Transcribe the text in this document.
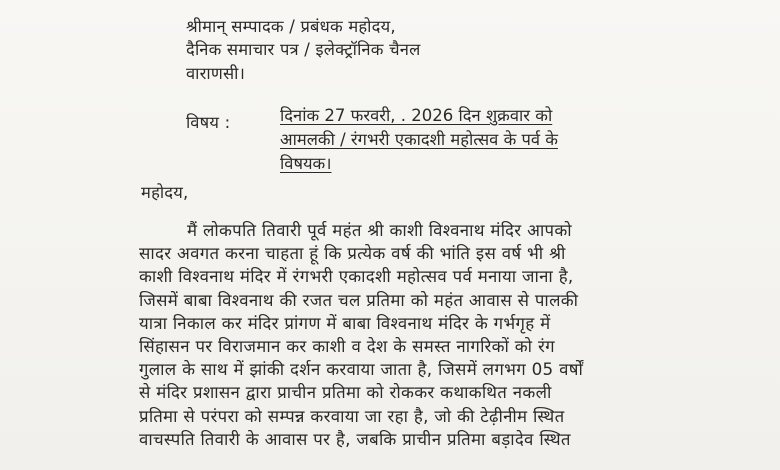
श्रीमान् सम्पादक / प्रबंधक महोदय,
दैनिक समाचार पत्र / इलेक्ट्रॉनिक चैनल
वाराणसी।
विषय :	दिनांक 27 फरवरी, . 2026 दिन शुक्रवार को
आमलकी / रंगभरी एकादशी महोत्सव के पर्व के
विषयक।
महोदय,
मैं लोकपति तिवारी पूर्व महंत श्री काशी विश्वनाथ मंदिर आपको
सादर अवगत करना चाहता हूं कि प्रत्येक वर्ष की भांति इस वर्ष भी श्री
काशी विश्वनाथ मंदिर में रंगभरी एकादशी महोत्सव पर्व मनाया जाना है,
जिसमें बाबा विश्वनाथ की रजत चल प्रतिमा को महंत आवास से पालकी
यात्रा निकाल कर मंदिर प्रांगण में बाबा विश्वनाथ मंदिर के गर्भगृह में
सिंहासन पर विराजमान कर काशी व देश के समस्त नागरिकों को रंग
गुलाल के साथ में झांकी दर्शन करवाया जाता है, जिसमें लगभग 05 वर्षों
से मंदिर प्रशासन द्वारा प्राचीन प्रतिमा को रोककर कथाकथित नकली
प्रतिमा से परंपरा को सम्पन्न करवाया जा रहा है, जो की टेढ़ीनीम स्थित
वाचस्पति तिवारी के आवास पर है, जबकि प्राचीन प्रतिमा बड़ादेव स्थित
